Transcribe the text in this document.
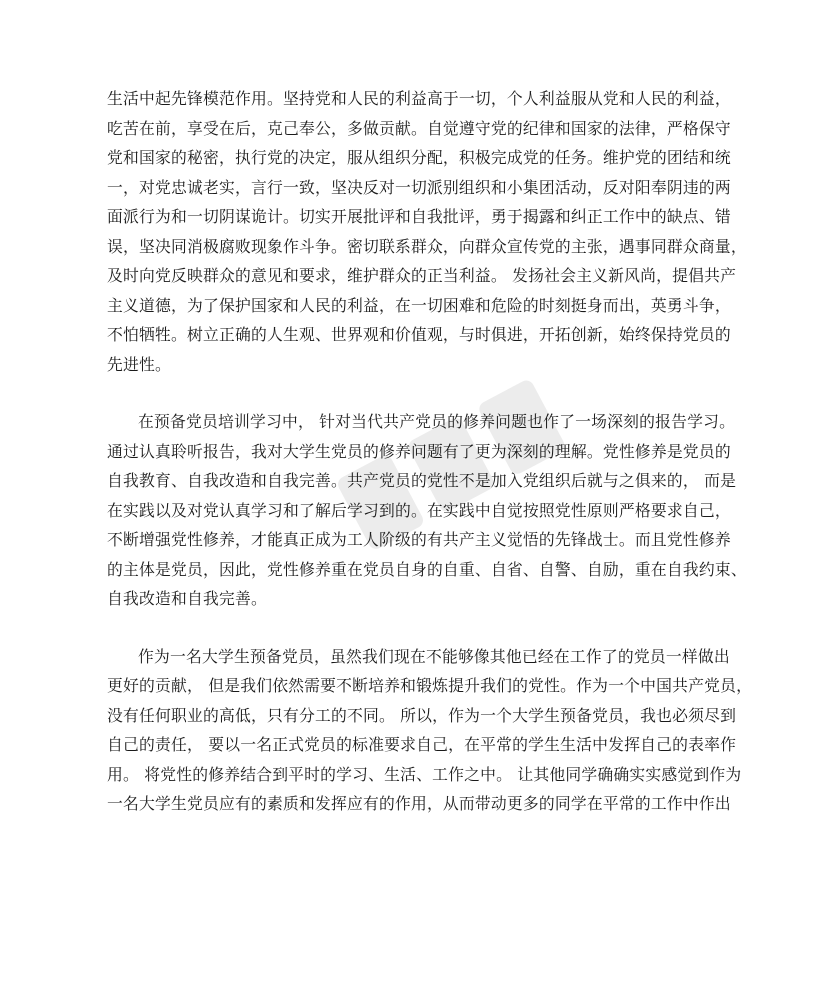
生活中起先锋模范作用。坚持党和人民的利益高于一切，个人利益服从党和人民的利益，
吃苦在前，享受在后，克己奉公，多做贡献。自觉遵守党的纪律和国家的法律，严格保守
党和国家的秘密，执行党的决定，服从组织分配，积极完成党的任务。维护党的团结和统
一，对党忠诚老实，言行一致，坚决反对一切派别组织和小集团活动，反对阳奉阴违的两
面派行为和一切阴谋诡计。切实开展批评和自我批评，勇于揭露和纠正工作中的缺点、错
误，坚决同消极腐败现象作斗争。密切联系群众，向群众宣传党的主张，遇事同群众商量，
及时向党反映群众的意见和要求，维护群众的正当利益。 发扬社会主义新风尚，提倡共产
主义道德，为了保护国家和人民的利益，在一切困难和危险的时刻挺身而出，英勇斗争，
不怕牺牲。树立正确的人生观、世界观和价值观，与时俱进，开拓创新，始终保持党员的
先进性。

在预备党员培训学习中， 针对当代共产党员的修养问题也作了一场深刻的报告学习。
通过认真聆听报告，我对大学生党员的修养问题有了更为深刻的理解。党性修养是党员的
自我教育、自我改造和自我完善。共产党员的党性不是加入党组织后就与之俱来的， 而是
在实践以及对党认真学习和了解后学习到的。在实践中自觉按照党性原则严格要求自己，
不断增强党性修养，才能真正成为工人阶级的有共产主义觉悟的先锋战士。而且党性修养
的主体是党员，因此，党性修养重在党员自身的自重、自省、自警、自励，重在自我约束、
自我改造和自我完善。

作为一名大学生预备党员，虽然我们现在不能够像其他已经在工作了的党员一样做出
更好的贡献， 但是我们依然需要不断培养和锻炼提升我们的党性。作为一个中国共产党员，
没有任何职业的高低，只有分工的不同。 所以，作为一个大学生预备党员，我也必须尽到
自己的责任， 要以一名正式党员的标准要求自己，在平常的学生生活中发挥自己的表率作
用。 将党性的修养结合到平时的学习、生活、工作之中。 让其他同学确确实实感觉到作为
一名大学生党员应有的素质和发挥应有的作用，从而带动更多的同学在平常的工作中作出
